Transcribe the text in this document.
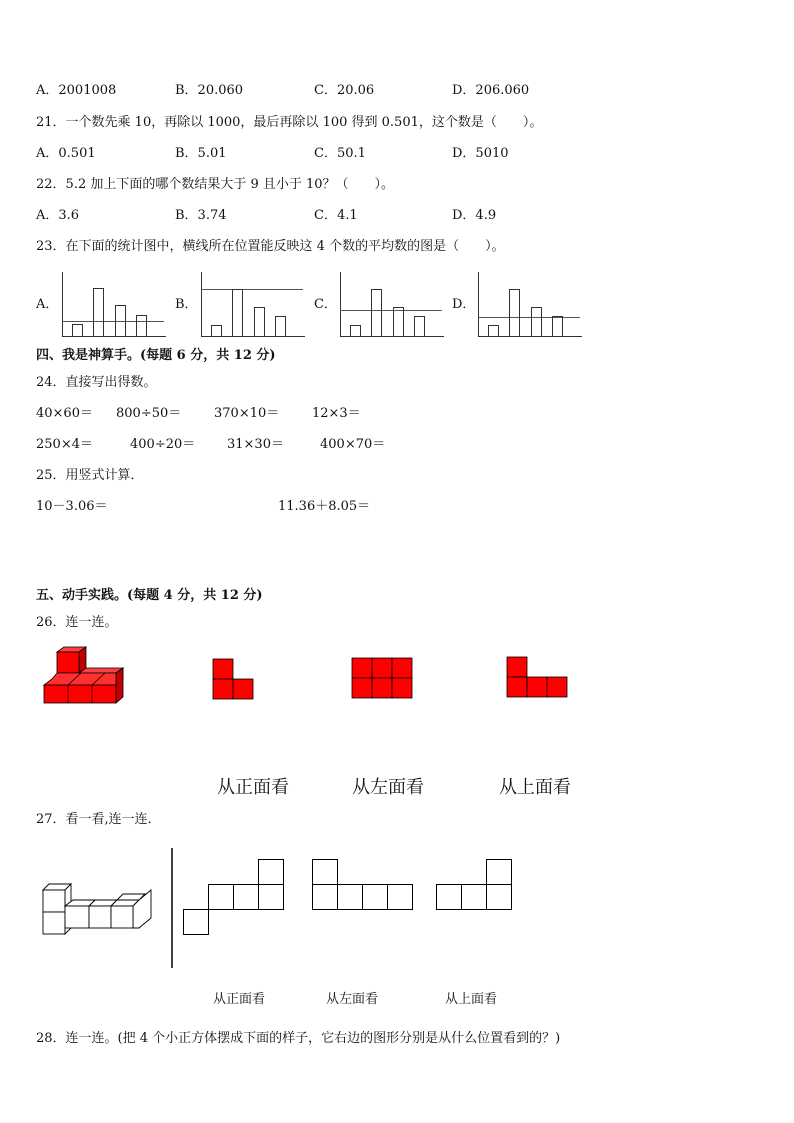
A．2001008	B．20.060	C．20.06	D．206.060
21．一个数先乘 10，再除以 1000，最后再除以 100 得到 0.501，这个数是（　　）。
A．0.501	B．5.01	C．50.1	D．5010
22．5.2 加上下面的哪个数结果大于 9 且小于 10？（　　）。
A．3.6	B．3.74	C．4.1	D．4.9
23．在下面的统计图中，横线所在位置能反映这 4 个数的平均数的图是（　　）。
A．	B．	C．	D．
四、我是神算手。(每题 6 分，共 12 分)
24．直接写出得数。
40×60＝ 800÷50＝	370×10＝	12×3＝
250×4＝	400÷20＝ 31×30＝	400×70＝
25．用竖式计算．
10－3.06＝	11.36＋8.05＝
五、动手实践。(每题 4 分，共 12 分)
26．连一连。
从正面看	从左面看	从上面看
27．看一看,连一连．
从正面看	从左面看	从上面看
28．连一连。(把 4 个小正方体摆成下面的样子，它右边的图形分别是从什么位置看到的？)
